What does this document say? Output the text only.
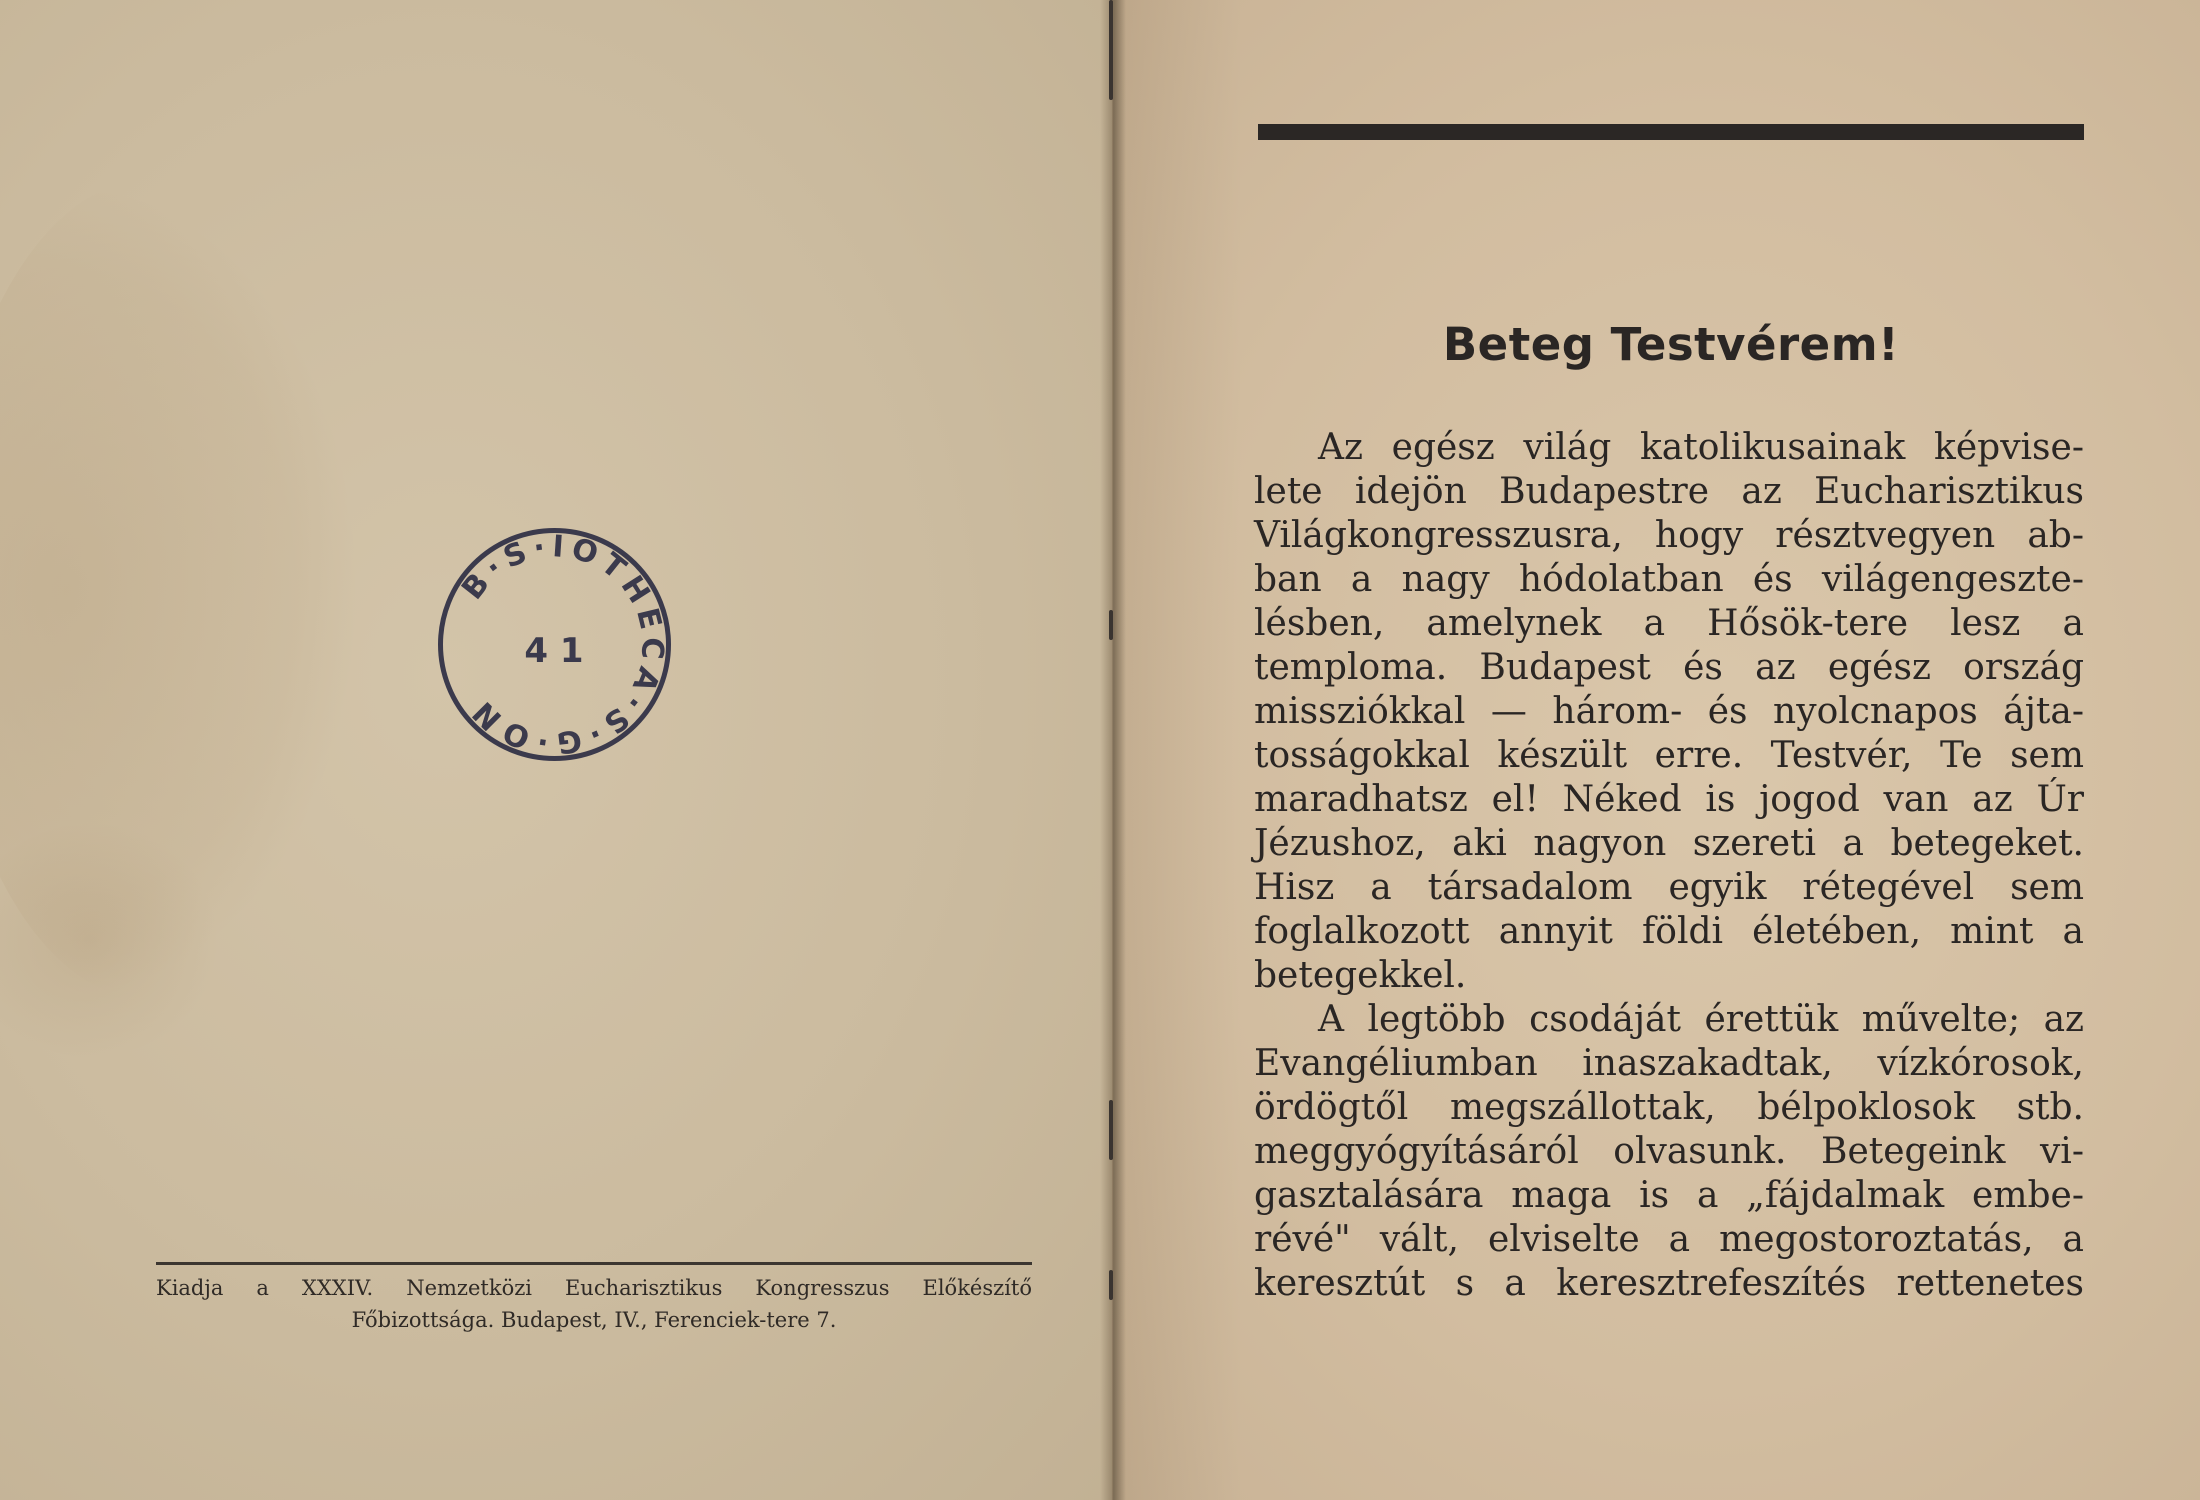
B·S·IOTHECA·S·G·ON
4 1
Kiadja a XXXIV. Nemzetközi Eucharisztikus Kongresszus Előkészítő
Főbizottsága. Budapest, IV., Ferenciek-tere 7.
Beteg Testvérem!
Az egész világ katolikusainak képvise-
lete idejön Budapestre az Eucharisztikus
Világkongresszusra, hogy résztvegyen ab-
ban a nagy hódolatban és világengeszte-
lésben, amelynek a Hősök-tere lesz a
temploma. Budapest és az egész ország
missziókkal — három- és nyolcnapos ájta-
tosságokkal készült erre. Testvér, Te sem
maradhatsz el! Néked is jogod van az Úr
Jézushoz, aki nagyon szereti a betegeket.
Hisz a társadalom egyik rétegével sem
foglalkozott annyit földi életében, mint a
betegekkel.
A legtöbb csodáját érettük művelte; az
Evangéliumban inaszakadtak, vízkórosok,
ördögtől megszállottak, bélpoklosok stb.
meggyógyításáról olvasunk. Betegeink vi-
gasztalására maga is a „fájdalmak embe-
révé" vált, elviselte a megostoroztatás, a
keresztút s a keresztrefeszítés rettenetes
